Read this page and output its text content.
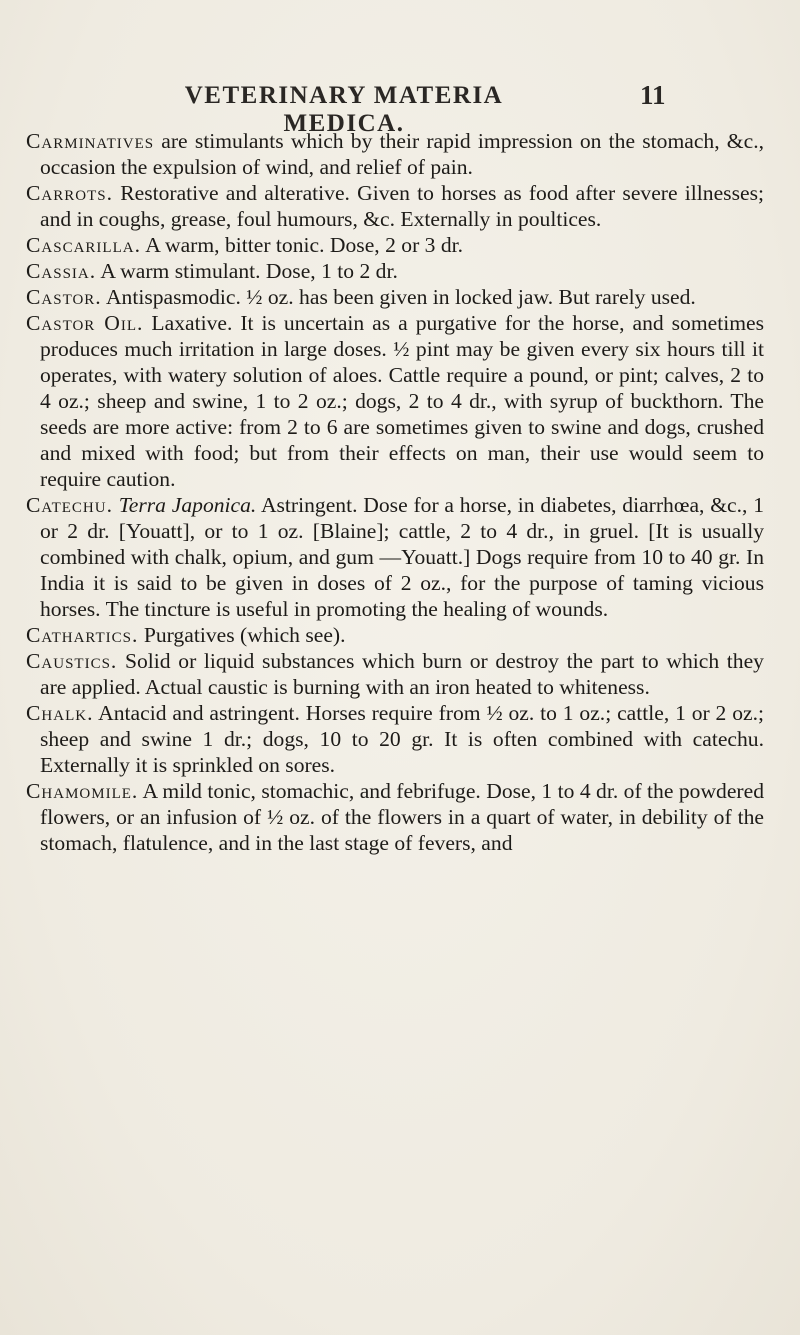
VETERINARY MATERIA MEDICA.
11

Carminatives are stimulants which by their rapid impression on the stomach, &c., occasion the expulsion of wind, and relief of pain.

Carrots. Restorative and alterative. Given to horses as food after severe illnesses; and in coughs, grease, foul humours, &c. Externally in poultices.

Cascarilla. A warm, bitter tonic. Dose, 2 or 3 dr.

Cassia. A warm stimulant. Dose, 1 to 2 dr.

Castor. Antispasmodic. ½ oz. has been given in locked jaw. But rarely used.

Castor Oil. Laxative. It is uncertain as a purgative for the horse, and sometimes produces much irritation in large doses. ½ pint may be given every six hours till it operates, with watery solution of aloes. Cattle require a pound, or pint; calves, 2 to 4 oz.; sheep and swine, 1 to 2 oz.; dogs, 2 to 4 dr., with syrup of buckthorn. The seeds are more active: from 2 to 6 are sometimes given to swine and dogs, crushed and mixed with food; but from their effects on man, their use would seem to require caution.

Catechu. Terra Japonica. Astringent. Dose for a horse, in diabetes, diarrhœa, &c., 1 or 2 dr. [Youatt], or to 1 oz. [Blaine]; cattle, 2 to 4 dr., in gruel. [It is usually combined with chalk, opium, and gum —Youatt.] Dogs require from 10 to 40 gr. In India it is said to be given in doses of 2 oz., for the purpose of taming vicious horses. The tincture is useful in promoting the healing of wounds.

Cathartics. Purgatives (which see).

Caustics. Solid or liquid substances which burn or destroy the part to which they are applied. Actual caustic is burning with an iron heated to whiteness.

Chalk. Antacid and astringent. Horses require from ½ oz. to 1 oz.; cattle, 1 or 2 oz.; sheep and swine 1 dr.; dogs, 10 to 20 gr. It is often combined with catechu. Externally it is sprinkled on sores.

Chamomile. A mild tonic, stomachic, and febrifuge. Dose, 1 to 4 dr. of the powdered flowers, or an infusion of ½ oz. of the flowers in a quart of water, in debility of the stomach, flatulence, and in the last stage of fevers, and
